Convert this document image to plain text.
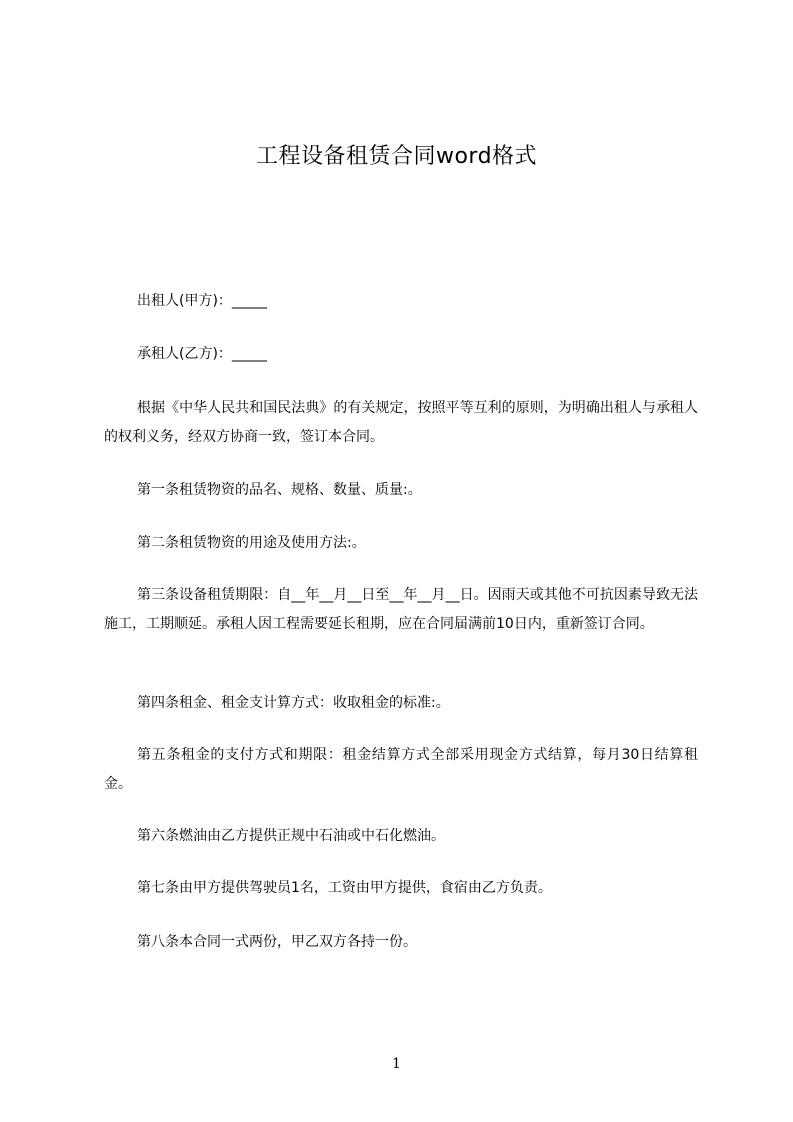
工程设备租赁合同word格式

出租人(甲方)：_____

承租人(乙方)：_____

根据《中华人民共和国民法典》的有关规定，按照平等互利的原则，为明确出租人与承租人的权利义务，经双方协商一致，签订本合同。

第一条租赁物资的品名、规格、数量、质量:。

第二条租赁物资的用途及使用方法:。

第三条设备租赁期限：自__年__月__日至__年__月__日。因雨天或其他不可抗因素导致无法施工，工期顺延。承租人因工程需要延长租期，应在合同届满前10日内，重新签订合同。

第四条租金、租金支计算方式：收取租金的标准:。

第五条租金的支付方式和期限：租金结算方式全部采用现金方式结算，每月30日结算租金。

第六条燃油由乙方提供正规中石油或中石化燃油。

第七条由甲方提供驾驶员1名，工资由甲方提供，食宿由乙方负责。

第八条本合同一式两份，甲乙双方各持一份。

1
